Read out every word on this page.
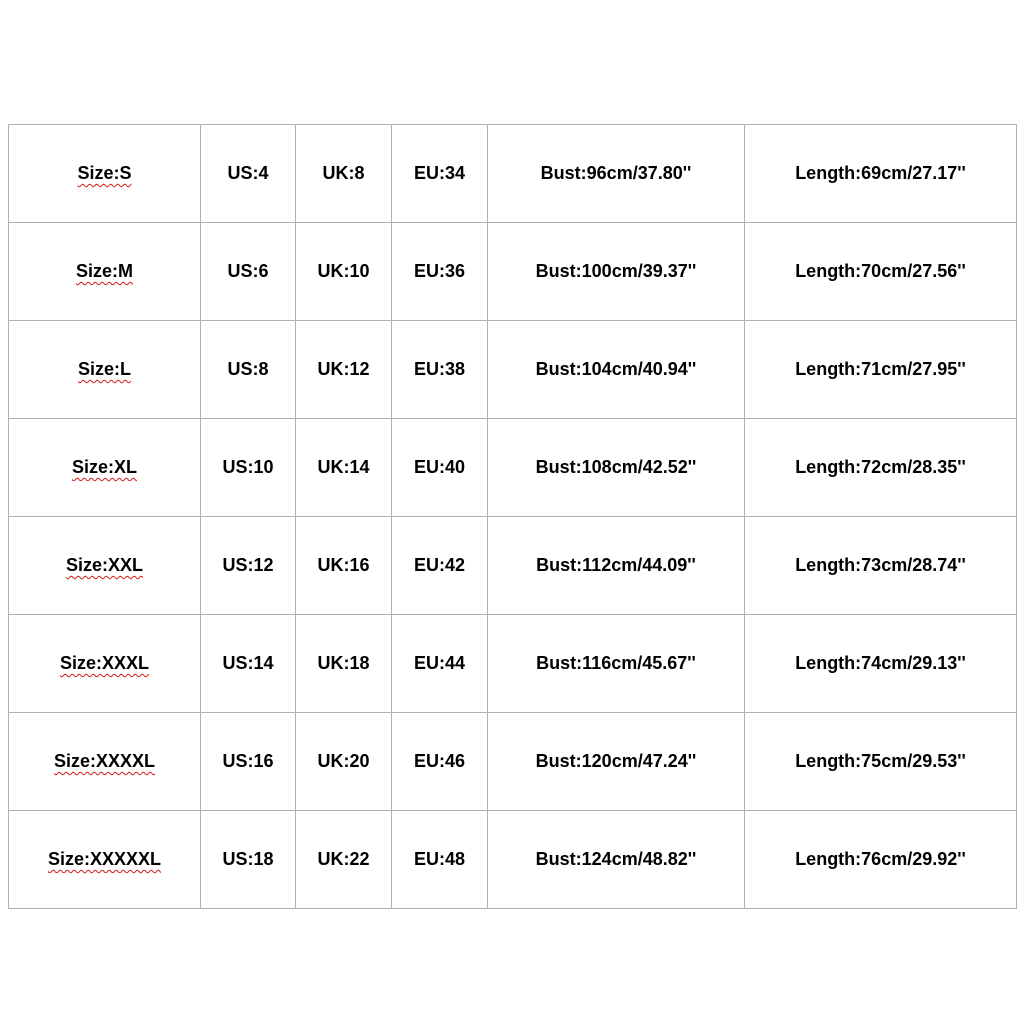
Size:S	US:4	UK:8	EU:34	Bust:96cm/37.80''	Length:69cm/27.17''
Size:M	US:6	UK:10	EU:36	Bust:100cm/39.37''	Length:70cm/27.56''
Size:L	US:8	UK:12	EU:38	Bust:104cm/40.94''	Length:71cm/27.95''
Size:XL	US:10	UK:14	EU:40	Bust:108cm/42.52''	Length:72cm/28.35''
Size:XXL	US:12	UK:16	EU:42	Bust:112cm/44.09''	Length:73cm/28.74''
Size:XXXL	US:14	UK:18	EU:44	Bust:116cm/45.67''	Length:74cm/29.13''
Size:XXXXL	US:16	UK:20	EU:46	Bust:120cm/47.24''	Length:75cm/29.53''
Size:XXXXXL	US:18	UK:22	EU:48	Bust:124cm/48.82''	Length:76cm/29.92''
